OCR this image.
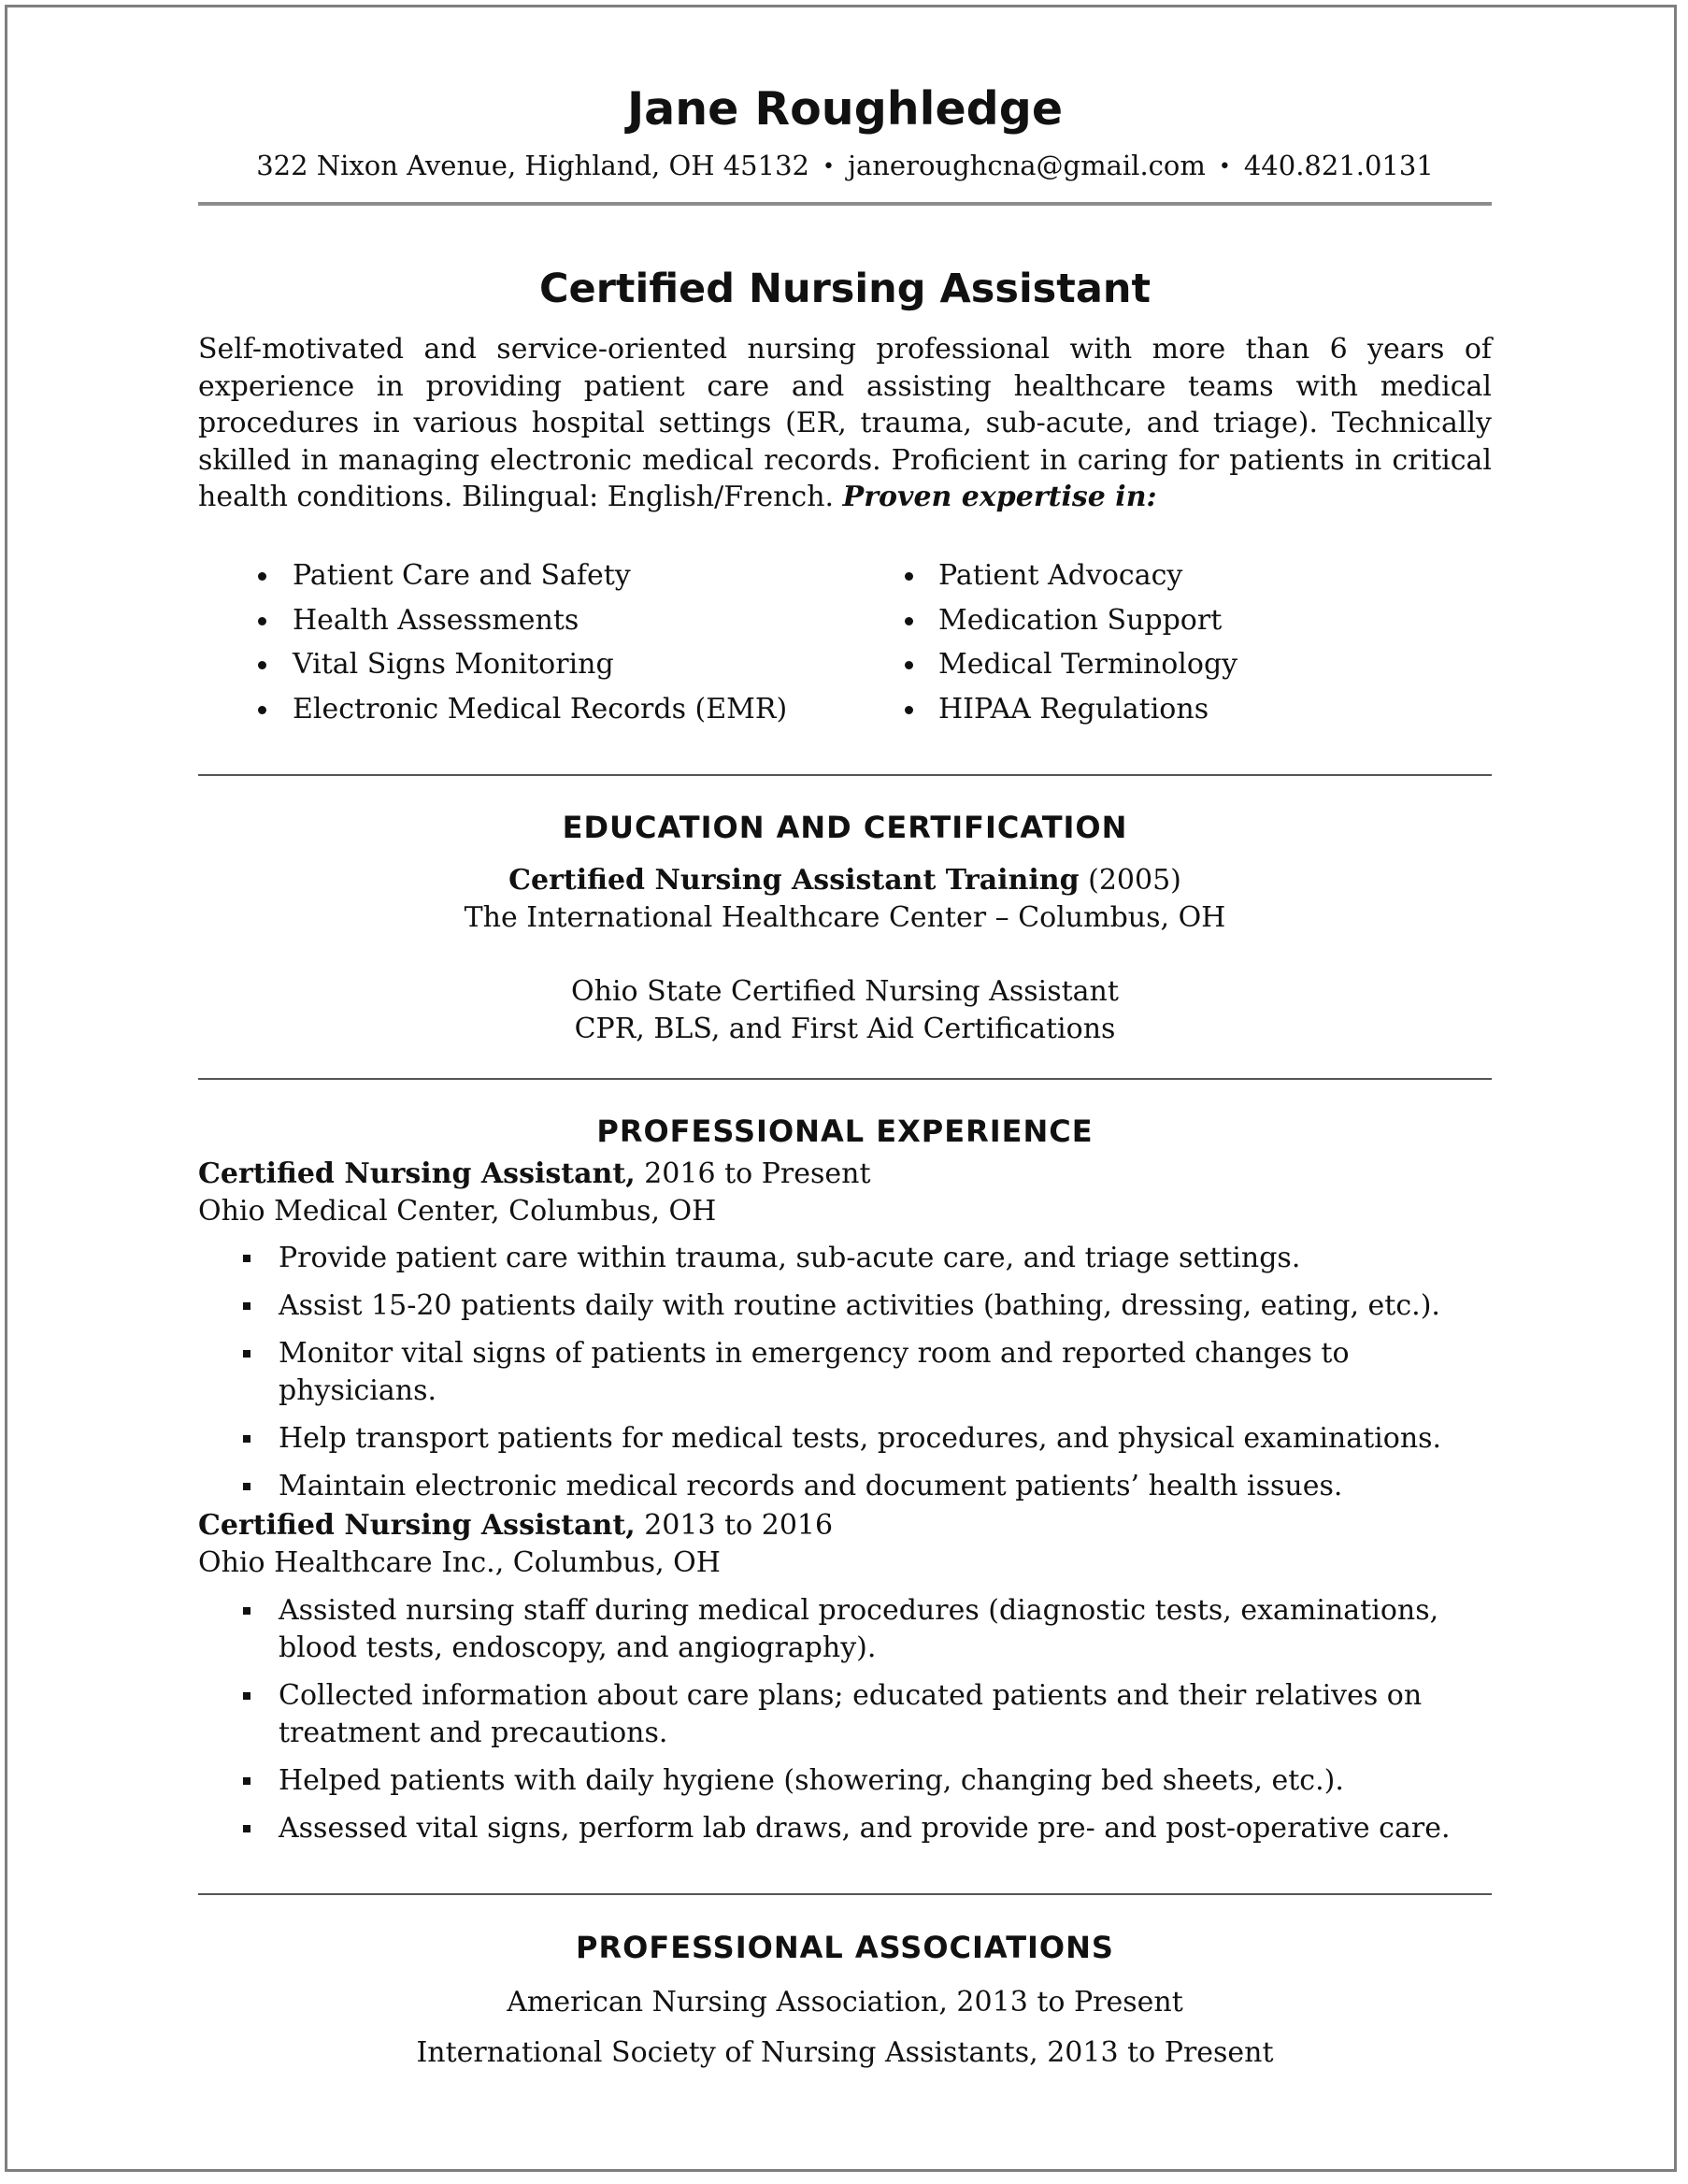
Jane Roughledge
322 Nixon Avenue, Highland, OH 45132 • janeroughcna@gmail.com • 440.821.0131
Certified Nursing Assistant
Self-motivated and service-oriented nursing professional with more than 6 years of experience in providing patient care and assisting healthcare teams with medical procedures in various hospital settings (ER, trauma, sub-acute, and triage). Technically skilled in managing electronic medical records. Proficient in caring for patients in critical health conditions. Bilingual: English/French. Proven expertise in:
Patient Care and Safety
Health Assessments
Vital Signs Monitoring
Electronic Medical Records (EMR)
Patient Advocacy
Medication Support
Medical Terminology
HIPAA Regulations
EDUCATION AND CERTIFICATION
Certified Nursing Assistant Training (2005)
The International Healthcare Center – Columbus, OH
Ohio State Certified Nursing Assistant
CPR, BLS, and First Aid Certifications
PROFESSIONAL EXPERIENCE
Certified Nursing Assistant, 2016 to Present
Ohio Medical Center, Columbus, OH
Provide patient care within trauma, sub-acute care, and triage settings.
Assist 15-20 patients daily with routine activities (bathing, dressing, eating, etc.).
Monitor vital signs of patients in emergency room and reported changes to physicians.
Help transport patients for medical tests, procedures, and physical examinations.
Maintain electronic medical records and document patients’ health issues.
Certified Nursing Assistant, 2013 to 2016
Ohio Healthcare Inc., Columbus, OH
Assisted nursing staff during medical procedures (diagnostic tests, examinations, blood tests, endoscopy, and angiography).
Collected information about care plans; educated patients and their relatives on treatment and precautions.
Helped patients with daily hygiene (showering, changing bed sheets, etc.).
Assessed vital signs, perform lab draws, and provide pre- and post-operative care.
PROFESSIONAL ASSOCIATIONS
American Nursing Association, 2013 to Present
International Society of Nursing Assistants, 2013 to Present
